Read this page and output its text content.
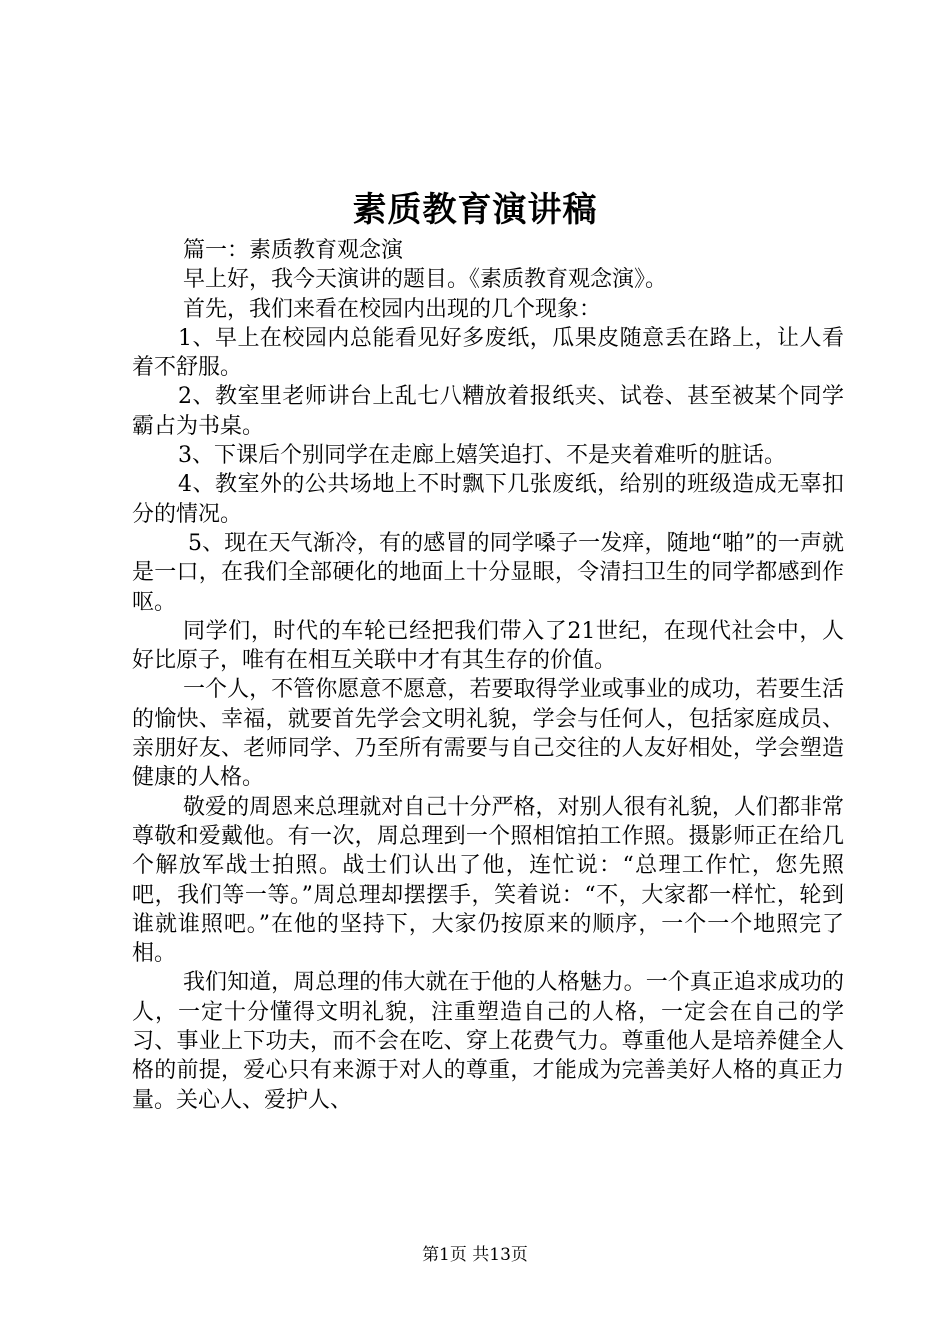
素质教育演讲稿

篇一：素质教育观念演

早上好，我今天演讲的题目。《素质教育观念演》。

首先，我们来看在校园内出现的几个现象：

1、早上在校园内总能看见好多废纸，瓜果皮随意丢在路上，让人看着不舒服。

2、教室里老师讲台上乱七八糟放着报纸夹、试卷、甚至被某个同学霸占为书桌。

3、下课后个别同学在走廊上嬉笑追打、不是夹着难听的脏话。

4、教室外的公共场地上不时飘下几张废纸，给别的班级造成无辜扣分的情况。

5、现在天气渐冷，有的感冒的同学嗓子一发痒，随地“啪”的一声就是一口，在我们全部硬化的地面上十分显眼，令清扫卫生的同学都感到作呕。

同学们，时代的车轮已经把我们带入了21世纪，在现代社会中，人好比原子，唯有在相互关联中才有其生存的价值。

一个人，不管你愿意不愿意，若要取得学业或事业的成功，若要生活的愉快、幸福，就要首先学会文明礼貌，学会与任何人，包括家庭成员、亲朋好友、老师同学、乃至所有需要与自己交往的人友好相处，学会塑造健康的人格。

敬爱的周恩来总理就对自己十分严格，对别人很有礼貌，人们都非常尊敬和爱戴他。有一次，周总理到一个照相馆拍工作照。摄影师正在给几个解放军战士拍照。战士们认出了他，连忙说：“总理工作忙，您先照吧，我们等一等。”周总理却摆摆手，笑着说：“不，大家都一样忙，轮到谁就谁照吧。”在他的坚持下，大家仍按原来的顺序，一个一个地照完了相。

我们知道，周总理的伟大就在于他的人格魅力。一个真正追求成功的人，一定十分懂得文明礼貌，注重塑造自己的人格，一定会在自己的学习、事业上下功夫，而不会在吃、穿上花费气力。尊重他人是培养健全人格的前提，爱心只有来源于对人的尊重，才能成为完善美好人格的真正力量。关心人、爱护人、

第1页 共13页
